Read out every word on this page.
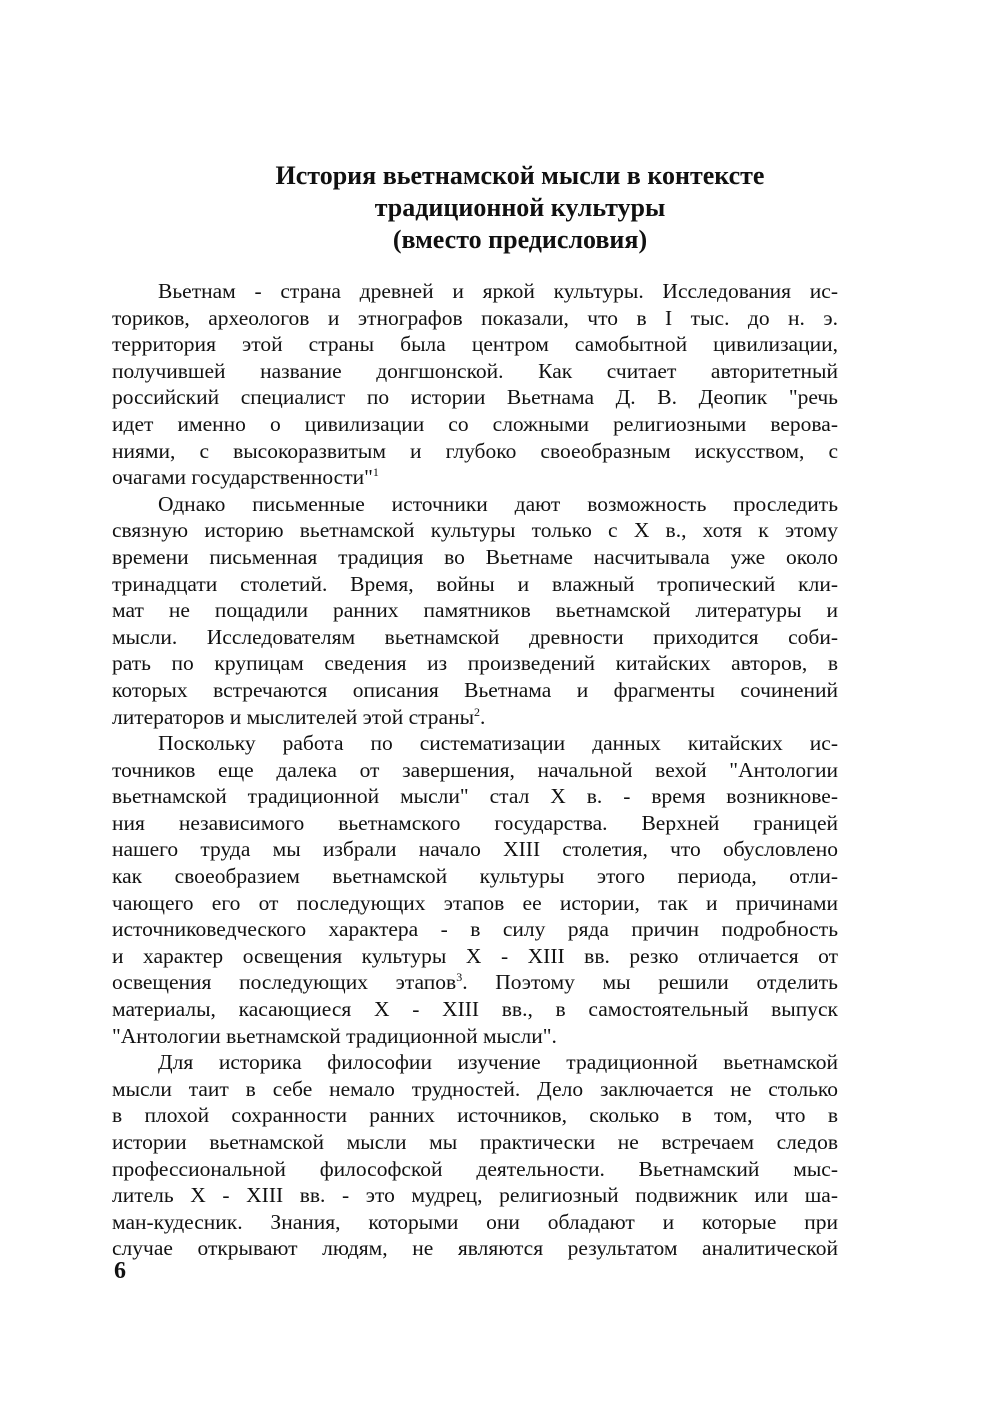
История вьетнамской мысли в контексте
традиционной культуры
(вместо предисловия)
Вьетнам - страна древней и яркой культуры. Исследования ис-
ториков, археологов и этнографов показали, что в I тыс. до н. э.
территория этой страны была центром самобытной цивилизации,
получившей название донгшонской. Как считает авторитетный
российский специалист по истории Вьетнама Д. В. Деопик "речь
идет именно о цивилизации со сложными религиозными верова-
ниями, с высокоразвитым и глубоко своеобразным искусством, с
очагами государственности"$^1$
Однако письменные источники дают возможность проследить
связную историю вьетнамской культуры только с X в., хотя к этому
времени письменная традиция во Вьетнаме насчитывала уже около
тринадцати столетий. Время, войны и влажный тропический кли-
мат не пощадили ранних памятников вьетнамской литературы и
мысли. Исследователям вьетнамской древности приходится соби-
рать по крупицам сведения из произведений китайских авторов, в
которых встречаются описания Вьетнама и фрагменты сочинений
литераторов и мыслителей этой страны$^2$.
Поскольку работа по систематизации данных китайских ис-
точников еще далека от завершения, начальной вехой "Антологии
вьетнамской традиционной мысли" стал X в. - время возникнове-
ния независимого вьетнамского государства. Верхней границей
нашего труда мы избрали начало XIII столетия, что обусловлено
как своеобразием вьетнамской культуры этого периода, отли-
чающего его от последующих этапов ее истории, так и причинами
источниковедческого характера - в силу ряда причин подробность
и характер освещения культуры X - XIII вв. резко отличается от
освещения последующих этапов$^3$. Поэтому мы решили отделить
материалы, касающиеся X - XIII вв., в самостоятельный выпуск
"Антологии вьетнамской традиционной мысли".
Для историка философии изучение традиционной вьетнамской
мысли таит в себе немало трудностей. Дело заключается не столько
в плохой сохранности ранних источников, сколько в том, что в
истории вьетнамской мысли мы практически не встречаем следов
профессиональной философской деятельности. Вьетнамский мыс-
литель X - XIII вв. - это мудрец, религиозный подвижник или ша-
ман-кудесник. Знания, которыми они обладают и которые при
случае открывают людям, не являются результатом аналитической
6
